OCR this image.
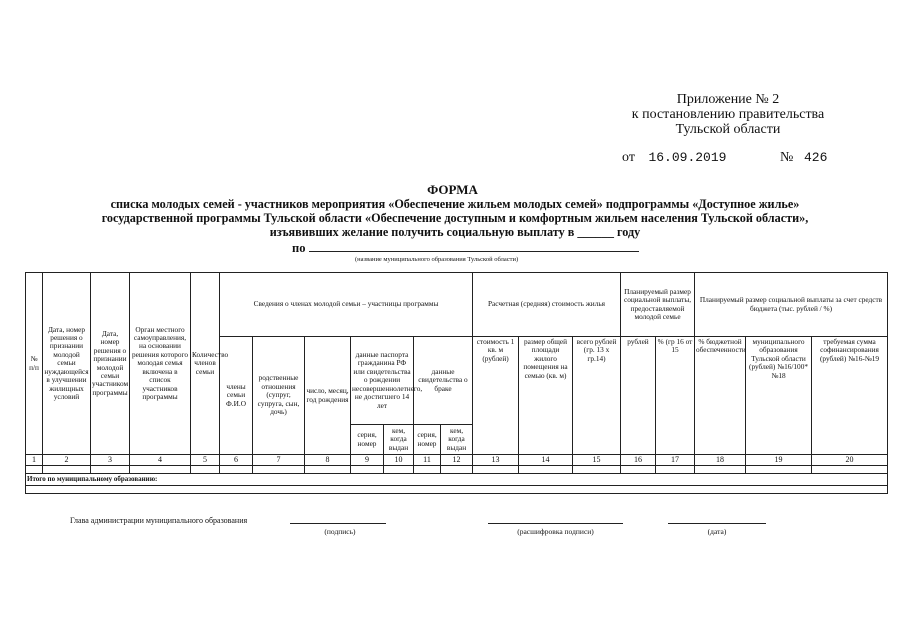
Приложение № 2
к постановлению правительства
Тульской области
от 16.09.2019	№ 426
ФОРМА
списка молодых семей - участников мероприятия «Обеспечение жильем молодых семей» подпрограммы «Доступное жилье»
государственной программы Тульской области «Обеспечение доступным и комфортным жильем населения Тульской области»,
изъявивших желание получить социальную выплату в ______ году
по
(название муниципального образования Тульской области)
№ п/п	Дата, номер решения о признании молодой семьи нуждающейся в улучшении жилищных условий	Дата, номер решения о признании молодой семьи участником программы	Орган местного самоуправления, на основании решения которого молодая семья включена в список участников программы	Количество членов семьи	Сведения о членах молодой семьи – участницы программы							Расчетная (средняя) стоимость жилья			Планируемый размер социальной выплаты, предоставляемой молодой семье		Планируемый размер социальной выплаты за счет средств бюджета (тыс. рублей / %)		
					члены семьи Ф.И.О	родственные отношения (супруг, супруга, сын, дочь)	число, месяц, год рождения	данные паспорта гражданина РФ или свидетельства о рождении несовершеннолетнего, не достигшего 14 лет		данные свидетельства о браке		стоимость 1 кв. м (рублей)	размер общей площади жилого помещения на семью (кв. м)	всего рублей (гр. 13 х гр.14)	рублей	% (гр 16 от 15	% бюджетной обеспеченности	муниципального образования Тульской области (рублей) №16/100* №18	требуемая сумма софинансирования (рублей) №16-№19
								серия, номер	кем, когда выдан	серия, номер	кем, когда выдан								
1	2	3	4	5	6	7	8	9	10	11	12	13	14	15	16	17	18	19	20

Итого по муниципальному образованию:																			

Глава администрации муниципального образования
(подпись)	(расшифровка подписи)	(дата)
